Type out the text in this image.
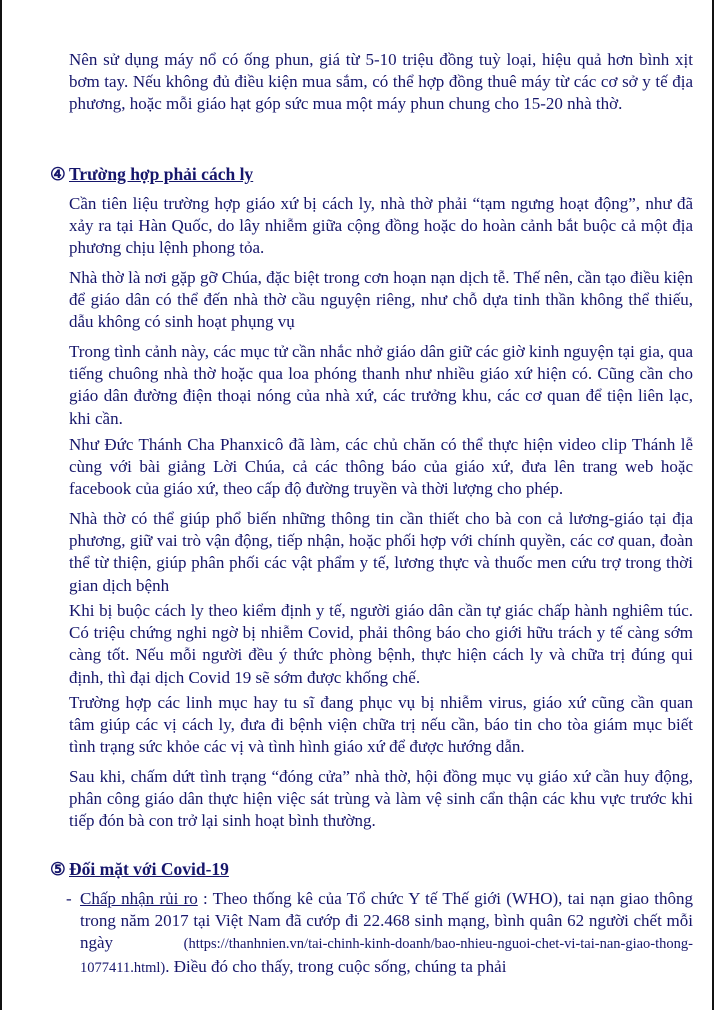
Nên sử dụng máy nổ có ống phun, giá từ 5-10 triệu đồng tuỳ loại, hiệu quả hơn bình xịt bơm tay. Nếu không đủ điều kiện mua sắm, có thể hợp đồng thuê máy từ các cơ sở y tế địa phương, hoặc mỗi giáo hạt góp sức mua một máy phun chung cho 15-20 nhà thờ.

④ Trường hợp phải cách ly

Cần tiên liệu trường hợp giáo xứ bị cách ly, nhà thờ phải “tạm ngưng hoạt động”, như đã xảy ra tại Hàn Quốc, do lây nhiễm giữa cộng đồng hoặc do hoàn cảnh bắt buộc cả một địa phương chịu lệnh phong tỏa.

Nhà thờ là nơi gặp gỡ Chúa, đặc biệt trong cơn hoạn nạn dịch tễ. Thế nên, cần tạo điều kiện để giáo dân có thể đến nhà thờ cầu nguyện riêng, như chỗ dựa tinh thần không thể thiếu, dẫu không có sinh hoạt phụng vụ

Trong tình cảnh này, các mục tử cần nhắc nhở giáo dân giữ các giờ kinh nguyện tại gia, qua tiếng chuông nhà thờ hoặc qua loa phóng thanh như nhiều giáo xứ hiện có. Cũng cần cho giáo dân đường điện thoại nóng của nhà xứ, các trưởng khu, các cơ quan để tiện liên lạc, khi cần.

Như Đức Thánh Cha Phanxicô đã làm, các chủ chăn có thể thực hiện video clip Thánh lễ cùng với bài giảng Lời Chúa, cả các thông báo của giáo xứ, đưa lên trang web hoặc facebook của giáo xứ, theo cấp độ đường truyền và thời lượng cho phép.

Nhà thờ có thể giúp phổ biến những thông tin cần thiết cho bà con cả lương-giáo tại địa phương, giữ vai trò vận động, tiếp nhận, hoặc phối hợp với chính quyền, các cơ quan, đoàn thể từ thiện, giúp phân phối các vật phẩm y tế, lương thực và thuốc men cứu trợ trong thời gian dịch bệnh

Khi bị buộc cách ly theo kiểm định y tế, người giáo dân cần tự giác chấp hành nghiêm túc. Có triệu chứng nghi ngờ bị nhiễm Covid, phải thông báo cho giới hữu trách y tế càng sớm càng tốt. Nếu mỗi người đều ý thức phòng bệnh, thực hiện cách ly và chữa trị đúng qui định, thì đại dịch Covid 19 sẽ sớm được khống chế.

Trường hợp các linh mục hay tu sĩ đang phục vụ bị nhiễm virus, giáo xứ cũng cần quan tâm giúp các vị cách ly, đưa đi bệnh viện chữa trị nếu cần, báo tin cho tòa giám mục biết tình trạng sức khỏe các vị và tình hình giáo xứ để được hướng dẫn.

Sau khi, chấm dứt tình trạng “đóng cửa” nhà thờ, hội đồng mục vụ giáo xứ cần huy động, phân công giáo dân thực hiện việc sát trùng và làm vệ sinh cẩn thận các khu vực trước khi tiếp đón bà con trở lại sinh hoạt bình thường.

⑤ Đối mặt với Covid-19
- Chấp nhận rủi ro : Theo thống kê của Tổ chức Y tế Thế giới (WHO), tai nạn giao thông trong năm 2017 tại Việt Nam đã cướp đi 22.468 sinh mạng, bình quân 62 người chết mỗi ngày (https://thanhnien.vn/tai-chinh-kinh-doanh/bao-nhieu-nguoi-chet-vi-tai-nan-giao-thong-1077411.html). Điều đó cho thấy, trong cuộc sống, chúng ta phải
